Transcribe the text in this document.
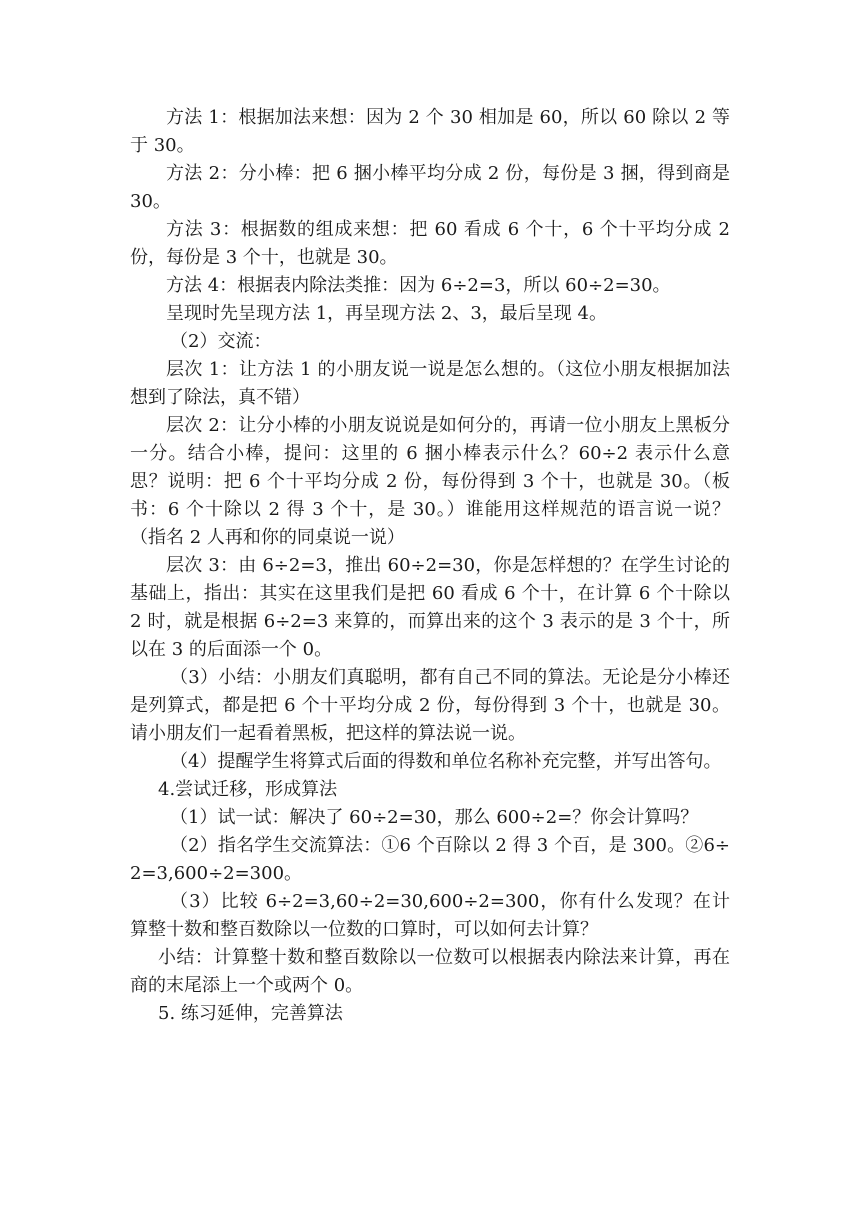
方法 1：根据加法来想：因为 2 个 30 相加是 60，所以 60 除以 2 等于 30。

方法 2：分小棒：把 6 捆小棒平均分成 2 份，每份是 3 捆，得到商是 30。

方法 3：根据数的组成来想：把 60 看成 6 个十，6 个十平均分成 2 份，每份是 3 个十，也就是 30。

方法 4：根据表内除法类推：因为 6÷2=3，所以 60÷2=30。

呈现时先呈现方法 1，再呈现方法 2、3，最后呈现 4。

（2）交流：

层次 1：让方法 1 的小朋友说一说是怎么想的。（这位小朋友根据加法想到了除法，真不错）

层次 2：让分小棒的小朋友说说是如何分的，再请一位小朋友上黑板分一分。结合小棒，提问：这里的 6 捆小棒表示什么？60÷2 表示什么意思？说明：把 6 个十平均分成 2 份，每份得到 3 个十，也就是 30。（板书：6 个十除以 2 得 3 个十，是 30。）谁能用这样规范的语言说一说？（指名 2 人再和你的同桌说一说）

层次 3：由 6÷2=3，推出 60÷2=30，你是怎样想的？在学生讨论的基础上，指出：其实在这里我们是把 60 看成 6 个十，在计算 6 个十除以 2 时，就是根据 6÷2=3 来算的，而算出来的这个 3 表示的是 3 个十，所以在 3 的后面添一个 0。

（3）小结：小朋友们真聪明，都有自己不同的算法。无论是分小棒还是列算式，都是把 6 个十平均分成 2 份，每份得到 3 个十，也就是 30。请小朋友们一起看着黑板，把这样的算法说一说。

（4）提醒学生将算式后面的得数和单位名称补充完整，并写出答句。

4.尝试迁移，形成算法

（1）试一试：解决了 60÷2=30，那么 600÷2=？你会计算吗？

（2）指名学生交流算法：①6 个百除以 2 得 3 个百，是 300。②6÷2=3,600÷2=300。

（3）比较 6÷2=3,60÷2=30,600÷2=300，你有什么发现？在计算整十数和整百数除以一位数的口算时，可以如何去计算？

小结：计算整十数和整百数除以一位数可以根据表内除法来计算，再在商的末尾添上一个或两个 0。

5. 练习延伸，完善算法
